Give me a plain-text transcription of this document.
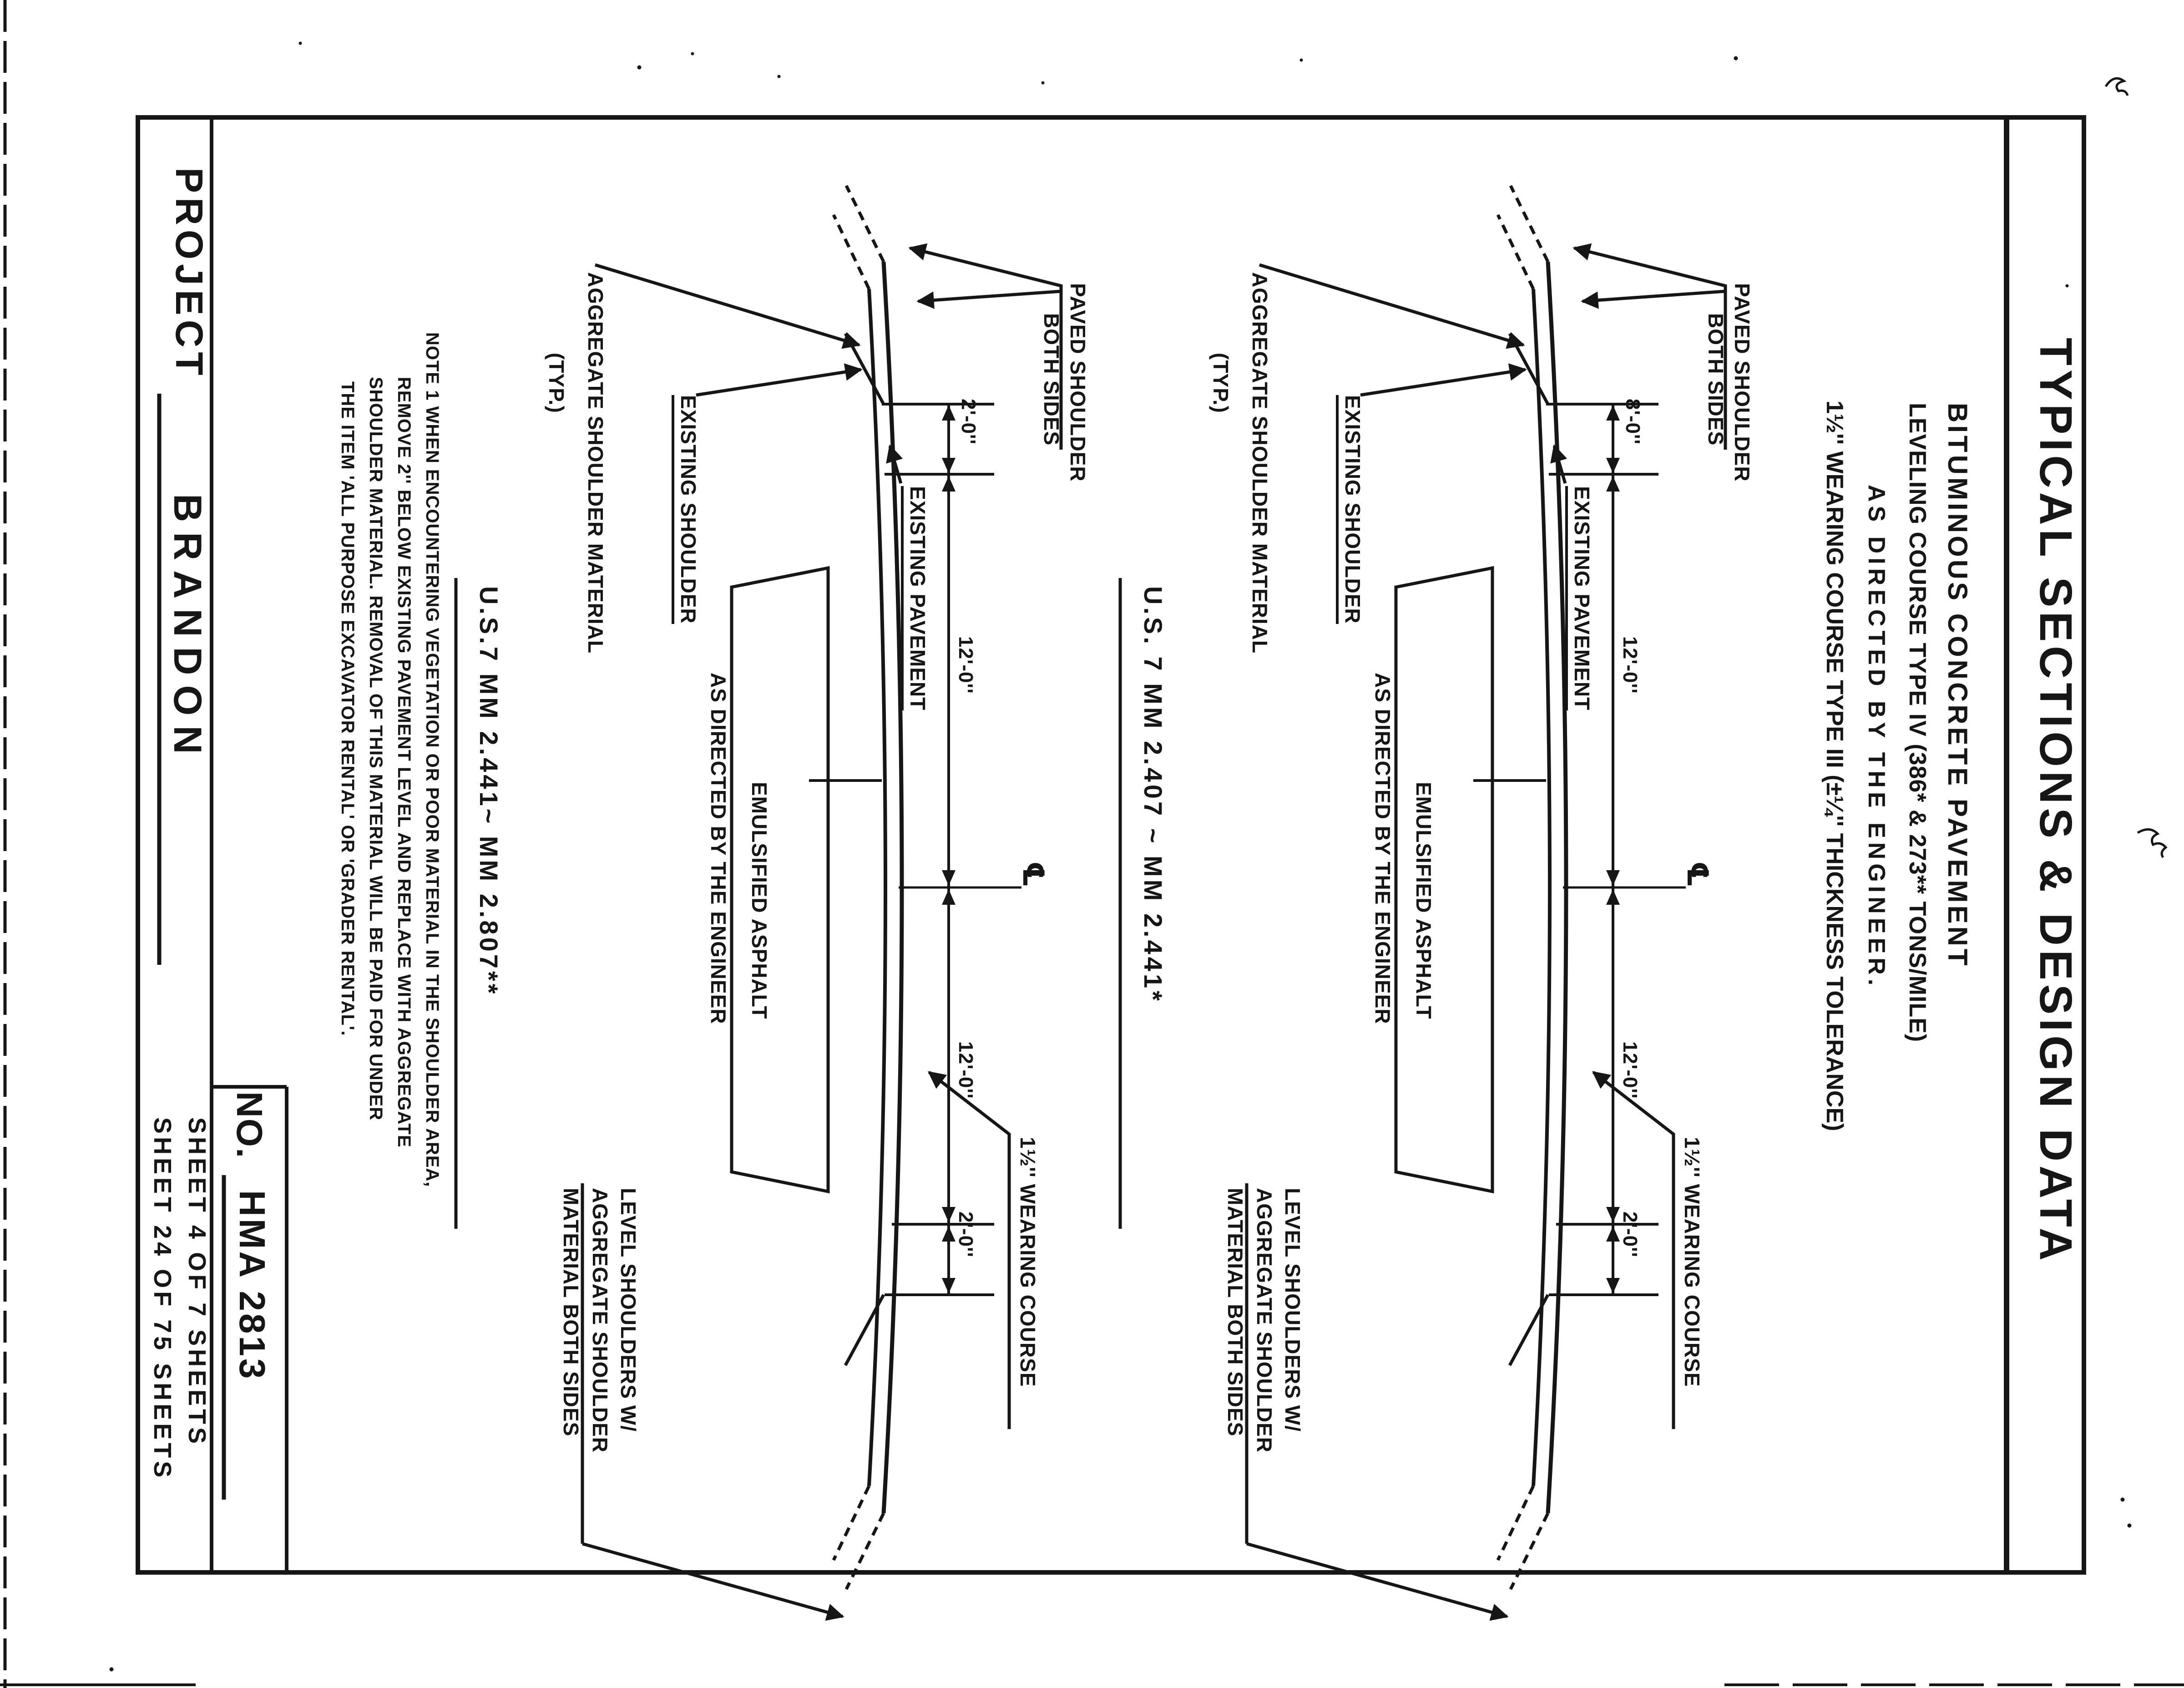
TYPICAL SECTIONS & DESIGN DATA
BITUMINOUS CONCRETE PAVEMENT
LEVELING COURSE TYPE IV (386* & 273** TONS/MILE)
AS DIRECTED BY THE ENGINEER.
1½'' WEARING COURSE TYPE III (±¼'' THICKNESS TOLERANCE)
U.S. 7 MM 2.407 ~ MM 2.441*
PAVED SHOULDER
BOTH SIDES
AGGREGATE SHOULDER MATERIAL
(TYP.)
EXISTING SHOULDER	EXISTING PAVEMENT
EMULSIFIED ASPHALT
AS DIRECTED BY THE ENGINEER
1½'' WEARING COURSE
LEVEL SHOULDERS W/
AGGREGATE SHOULDER
MATERIAL BOTH SIDES
8'-0''
12'-0''
12'-0''
2'-0''
℄
U.S.7 MM 2.441~ MM 2.807**
PAVED SHOULDER
BOTH SIDES
AGGREGATE SHOULDER MATERIAL
(TYP.)
EXISTING SHOULDER	EXISTING PAVEMENT
EMULSIFIED ASPHALT
AS DIRECTED BY THE ENGINEER
1½'' WEARING COURSE
LEVEL SHOULDERS W/
AGGREGATE SHOULDER
MATERIAL BOTH SIDES
2'-0''
12'-0''
12'-0''
2'-0''
℄
NOTE 1 WHEN ENCOUNTERING VEGETATION OR POOR MATERIAL IN THE SHOULDER AREA,
REMOVE 2'' BELOW EXISTING PAVEMENT LEVEL AND REPLACE WITH AGGREGATE
SHOULDER MATERIAL. REMOVAL OF THIS MATERIAL WILL BE PAID FOR UNDER
THE ITEM 'ALL PURPOSE EXCAVATOR RENTAL' OR 'GRADER RENTAL'.
PROJECT
BRANDON
NO.
HMA 2813
SHEET 4 OF 7 SHEETS
SHEET 24 OF 75 SHEETS
